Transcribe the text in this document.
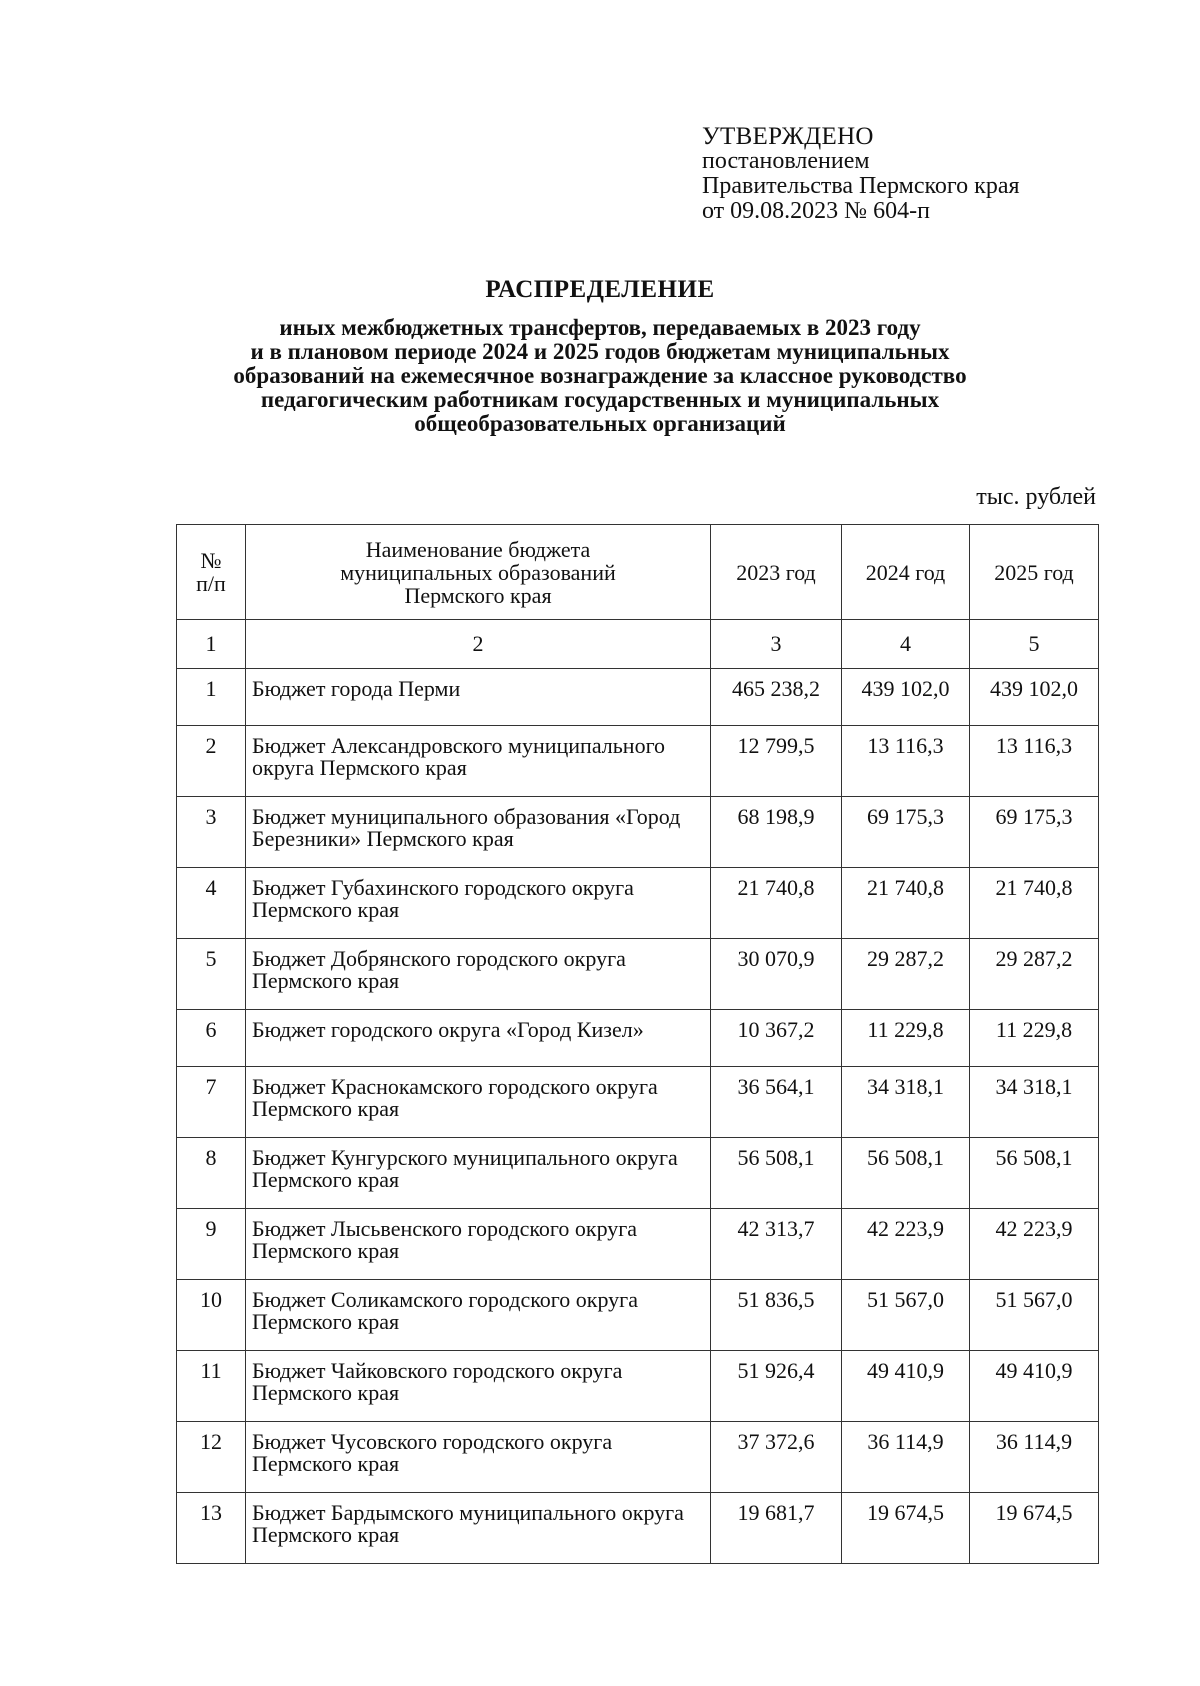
УТВЕРЖДЕНО
постановлением
Правительства Пермского края
от 09.08.2023 № 604-п
РАСПРЕДЕЛЕНИЕ
иных межбюджетных трансфертов, передаваемых в 2023 году
и в плановом периоде 2024 и 2025 годов бюджетам муниципальных
образований на ежемесячное вознаграждение за классное руководство
педагогическим работникам государственных и муниципальных
общеобразовательных организаций
тыс. рублей
№ п/п	Наименование бюджета муниципальных образований Пермского края	2023 год	2024 год	2025 год
1	2	3	4	5
1	Бюджет города Перми	465 238,2	439 102,0	439 102,0
2	Бюджет Александровского муниципального округа Пермского края	12 799,5	13 116,3	13 116,3
3	Бюджет муниципального образования «Город Березники» Пермского края	68 198,9	69 175,3	69 175,3
4	Бюджет Губахинского городского округа Пермского края	21 740,8	21 740,8	21 740,8
5	Бюджет Добрянского городского округа Пермского края	30 070,9	29 287,2	29 287,2
6	Бюджет городского округа «Город Кизел»	10 367,2	11 229,8	11 229,8
7	Бюджет Краснокамского городского округа Пермского края	36 564,1	34 318,1	34 318,1
8	Бюджет Кунгурского муниципального округа Пермского края	56 508,1	56 508,1	56 508,1
9	Бюджет Лысьвенского городского округа Пермского края	42 313,7	42 223,9	42 223,9
10	Бюджет Соликамского городского округа Пермского края	51 836,5	51 567,0	51 567,0
11	Бюджет Чайковского городского округа Пермского края	51 926,4	49 410,9	49 410,9
12	Бюджет Чусовского городского округа Пермского края	37 372,6	36 114,9	36 114,9
13	Бюджет Бардымского муниципального округа Пермского края	19 681,7	19 674,5	19 674,5
